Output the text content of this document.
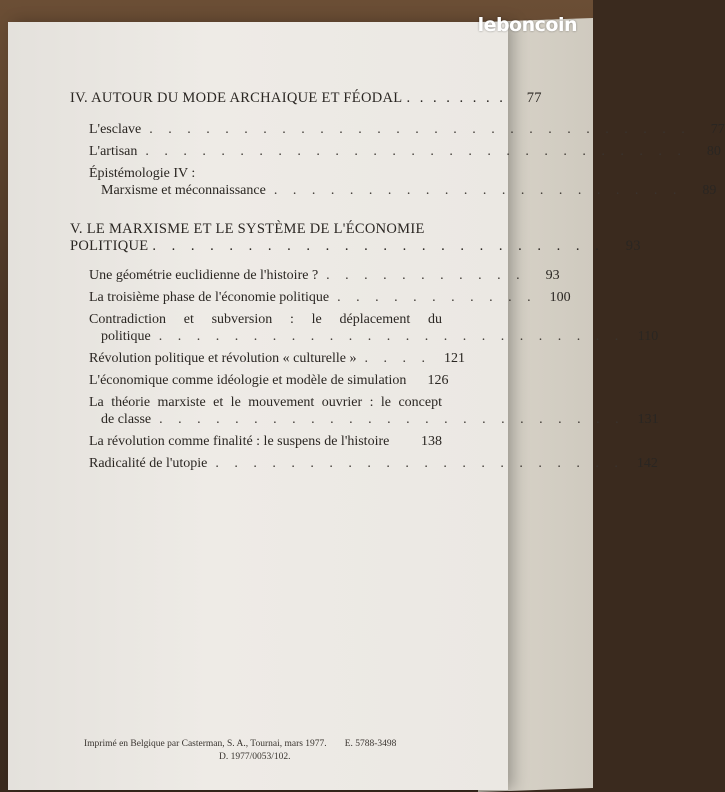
IV. AUTOUR DU MODE ARCHAIQUE ET FÉODAL . . . . . . . .	77
L'esclave . . . . . . . . . . . . . . . . . . . . . . . . . . . . .	77
L'artisan . . . . . . . . . . . . . . . . . . . . . . . . . . . . .	80
Épistémologie IV :
Marxisme et méconnaissance . . . . . . . . . . . . . . . . . . . . . .	89
V. LE MARXISME ET LE SYSTÈME DE L'ÉCONOMIE
POLITIQUE . . . . . . . . . . . . . . . . . . . . . . . .	93
Une géométrie euclidienne de l'histoire ? . . . . . . . . . . .	93
La troisième phase de l'économie politique . . . . . . . . . . . 100
Contradiction et subversion : le déplacement du
politique . . . . . . . . . . . . . . . . . . . . . . . . . 110
Révolution politique et révolution « culturelle » . . . . 121
L'économique comme idéologie et modèle de simulation	126
La théorie marxiste et le mouvement ouvrier : le concept
de classe . . . . . . . . . . . . . . . . . . . . . . . . . 131
La révolution comme finalité : le suspens de l'histoire	138
Radicalité de l'utopie . . . . . . . . . . . . . . . . . . . . . . 142
Imprimé en Belgique par Casterman, S. A., Tournai, mars 1977. E. 5788-3498
D. 1977/0053/102.
leboncoin
